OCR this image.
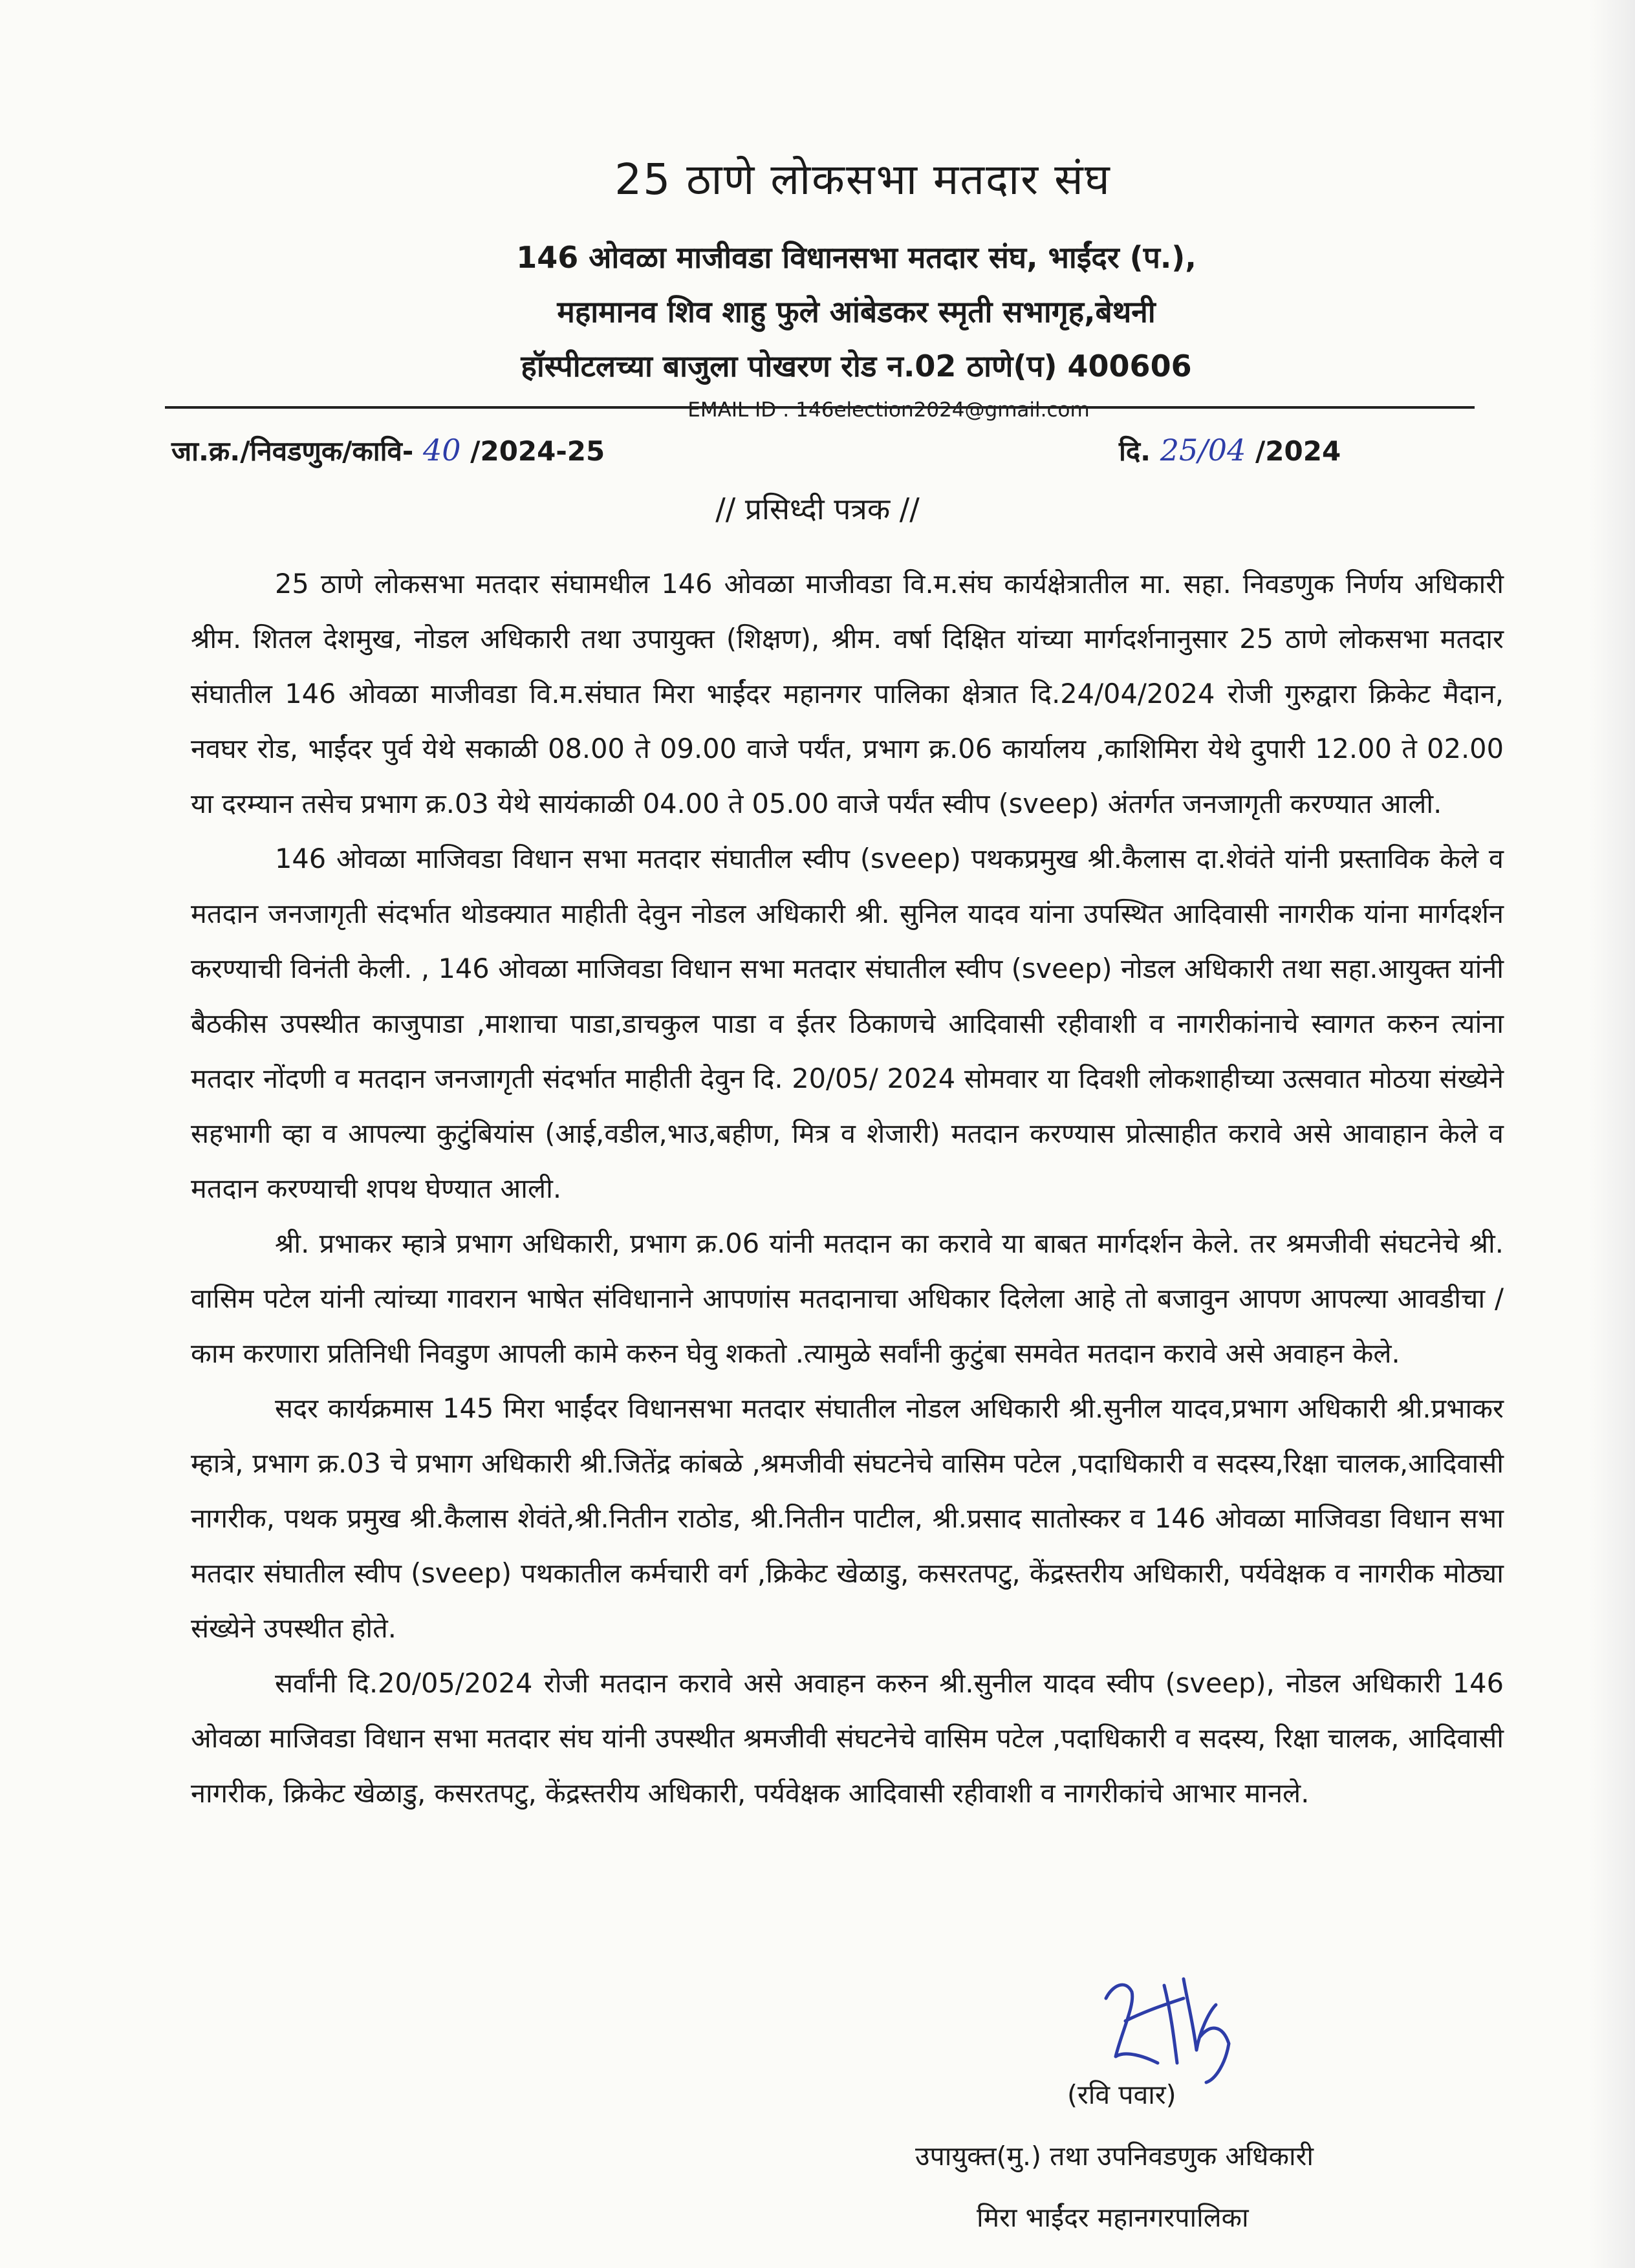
25 ठाणे लोकसभा मतदार संघ
146 ओवळा माजीवडा विधानसभा मतदार संघ, भाईंदर (प.),
महामानव शिव शाहु फुले आंबेडकर स्मृती सभागृह,बेथनी
हॉस्पीटलच्या बाजुला पोखरण रोड न.02 ठाणे(प) 400606
EMAIL ID : 146election2024@gmail.com
जा.क्र./निवडणुक/कावि- 40 /2024-25	दि. 25/04 /2024
// प्रसिध्दी पत्रक //

25 ठाणे लोकसभा मतदार संघामधील 146 ओवळा माजीवडा वि.म.संघ कार्यक्षेत्रातील मा. सहा. निवडणुक निर्णय अधिकारी श्रीम. शितल देशमुख, नोडल अधिकारी तथा उपायुक्त (शिक्षण), श्रीम. वर्षा दिक्षित यांच्या मार्गदर्शनानुसार 25 ठाणे लोकसभा मतदार संघातील 146 ओवळा माजीवडा वि.म.संघात मिरा भाईंदर महानगर पालिका क्षेत्रात दि.24/04/2024 रोजी गुरुद्वारा क्रिकेट मैदान, नवघर रोड, भाईंदर पुर्व येथे सकाळी 08.00 ते 09.00 वाजे पर्यंत, प्रभाग क्र.06 कार्यालय ,काशिमिरा येथे दुपारी 12.00 ते 02.00 या दरम्यान तसेच प्रभाग क्र.03 येथे सायंकाळी 04.00 ते 05.00 वाजे पर्यंत स्वीप (sveep) अंतर्गत जनजागृती करण्यात आली.

146 ओवळा माजिवडा विधान सभा मतदार संघातील स्वीप (sveep) पथकप्रमुख श्री.कैलास दा.शेवंते यांनी प्रस्ताविक केले व मतदान जनजागृती संदर्भात थोडक्यात माहीती देवुन नोडल अधिकारी श्री. सुनिल यादव यांना उपस्थित आदिवासी नागरीक यांना मार्गदर्शन करण्याची विनंती केली. , 146 ओवळा माजिवडा विधान सभा मतदार संघातील स्वीप (sveep) नोडल अधिकारी तथा सहा.आयुक्त यांनी बैठकीस उपस्थीत काजुपाडा ,माशाचा पाडा,डाचकुल पाडा व ईतर ठिकाणचे आदिवासी रहीवाशी व नागरीकांनाचे स्वागत करुन त्यांना मतदार नोंदणी व मतदान जनजागृती संदर्भात माहीती देवुन दि. 20/05/ 2024 सोमवार या दिवशी लोकशाहीच्या उत्सवात मोठया संख्येने सहभागी व्हा व आपल्या कुटुंबियांस (आई,वडील,भाउ,बहीण, मित्र व शेजारी) मतदान करण्यास प्रोत्साहीत करावे असे आवाहान केले व मतदान करण्याची शपथ घेण्यात आली.

श्री. प्रभाकर म्हात्रे प्रभाग अधिकारी, प्रभाग क्र.06 यांनी मतदान का करावे या बाबत मार्गदर्शन केले. तर श्रमजीवी संघटनेचे श्री. वासिम पटेल यांनी त्यांच्या गावरान भाषेत संविधानाने आपणांस मतदानाचा अधिकार दिलेला आहे तो बजावुन आपण आपल्या आवडीचा /काम करणारा प्रतिनिधी निवडुण आपली कामे करुन घेवु शकतो .त्यामुळे सर्वांनी कुटुंबा समवेत मतदान करावे असे अवाहन केले.

सदर कार्यक्रमास 145 मिरा भाईंदर विधानसभा मतदार संघातील नोडल अधिकारी श्री.सुनील यादव,प्रभाग अधिकारी श्री.प्रभाकर म्हात्रे, प्रभाग क्र.03 चे प्रभाग अधिकारी श्री.जितेंद्र कांबळे ,श्रमजीवी संघटनेचे वासिम पटेल ,पदाधिकारी व सदस्य,रिक्षा चालक,आदिवासी नागरीक, पथक प्रमुख श्री.कैलास शेवंते,श्री.नितीन राठोड, श्री.नितीन पाटील, श्री.प्रसाद सातोस्कर व 146 ओवळा माजिवडा विधान सभा मतदार संघातील स्वीप (sveep) पथकातील कर्मचारी वर्ग ,क्रिकेट खेळाडु, कसरतपटु, केंद्रस्तरीय अधिकारी, पर्यवेक्षक व नागरीक मोठ्या संख्येने उपस्थीत होते.

सर्वांनी दि.20/05/2024 रोजी मतदान करावे असे अवाहन करुन श्री.सुनील यादव स्वीप (sveep), नोडल अधिकारी 146 ओवळा माजिवडा विधान सभा मतदार संघ यांनी उपस्थीत श्रमजीवी संघटनेचे वासिम पटेल ,पदाधिकारी व सदस्य, रिक्षा चालक, आदिवासी नागरीक, क्रिकेट खेळाडु, कसरतपटु, केंद्रस्तरीय अधिकारी, पर्यवेक्षक आदिवासी रहीवाशी व नागरीकांचे आभार मानले.

(रवि पवार)
उपायुक्त(मु.) तथा उपनिवडणुक अधिकारी
मिरा भाईंदर महानगरपालिका
